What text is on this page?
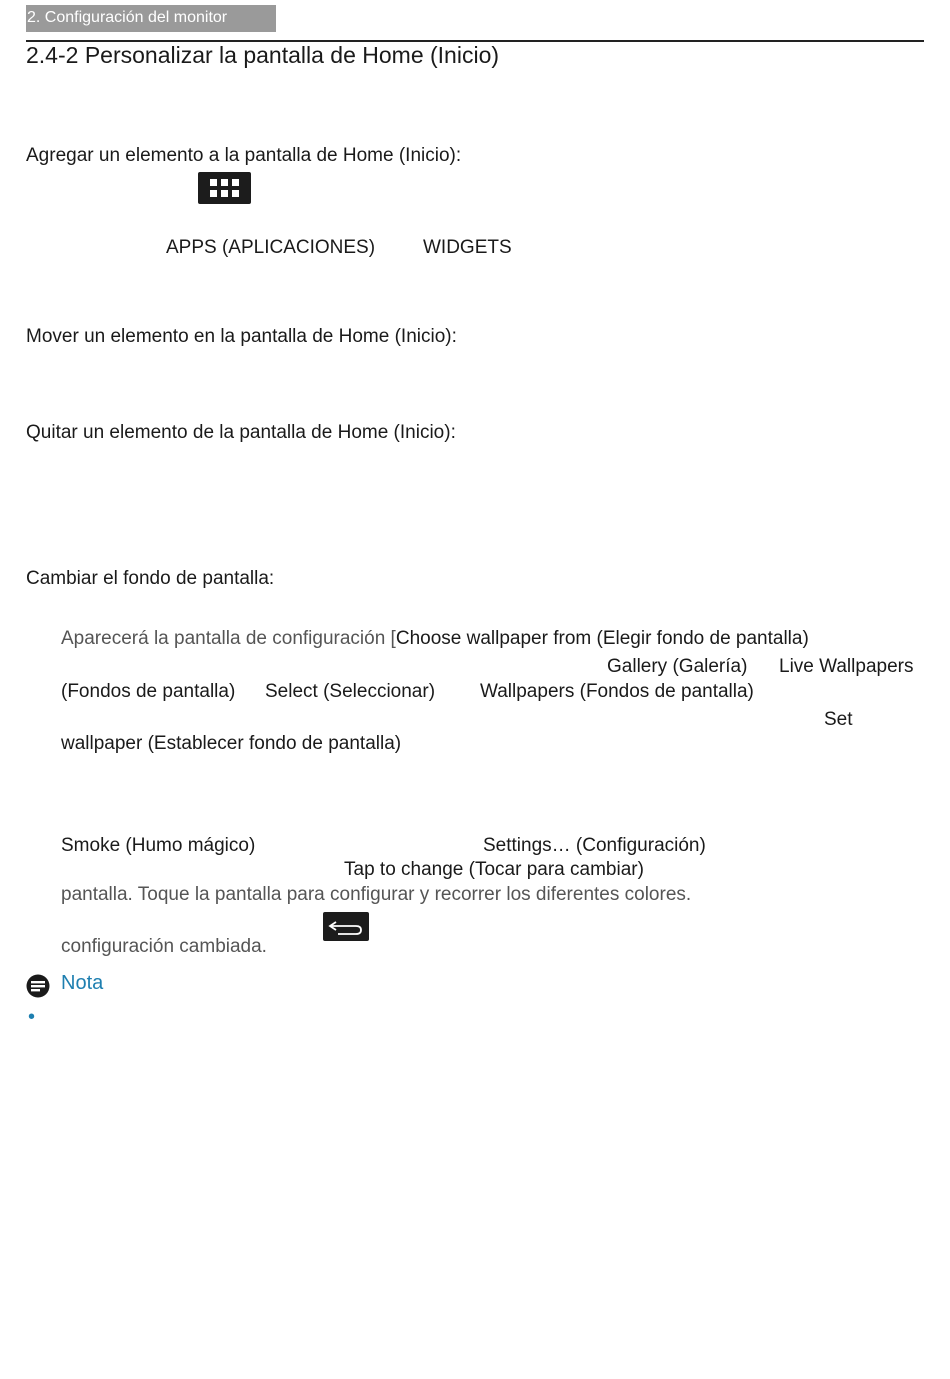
2. Configuración del monitor
2.4-2 Personalizar la pantalla de Home (Inicio)
Agregar un elemento a la pantalla de Home (Inicio):
APPS (APLICACIONES)	WIDGETS
Mover un elemento en la pantalla de Home (Inicio):
Quitar un elemento de la pantalla de Home (Inicio):
Cambiar el fondo de pantalla:
Aparecerá la pantalla de configuración [Choose wallpaper from (Elegir fondo de pantalla)
Gallery (Galería) Live Wallpapers
(Fondos de pantalla) Select (Seleccionar) Wallpapers (Fondos de pantalla)
Set
wallpaper (Establecer fondo de pantalla)
Smoke (Humo mágico)	Settings… (Configuración)
Tap to change (Tocar para cambiar)
pantalla. Toque la pantalla para configurar y recorrer los diferentes colores.
configuración cambiada.
Nota
•
